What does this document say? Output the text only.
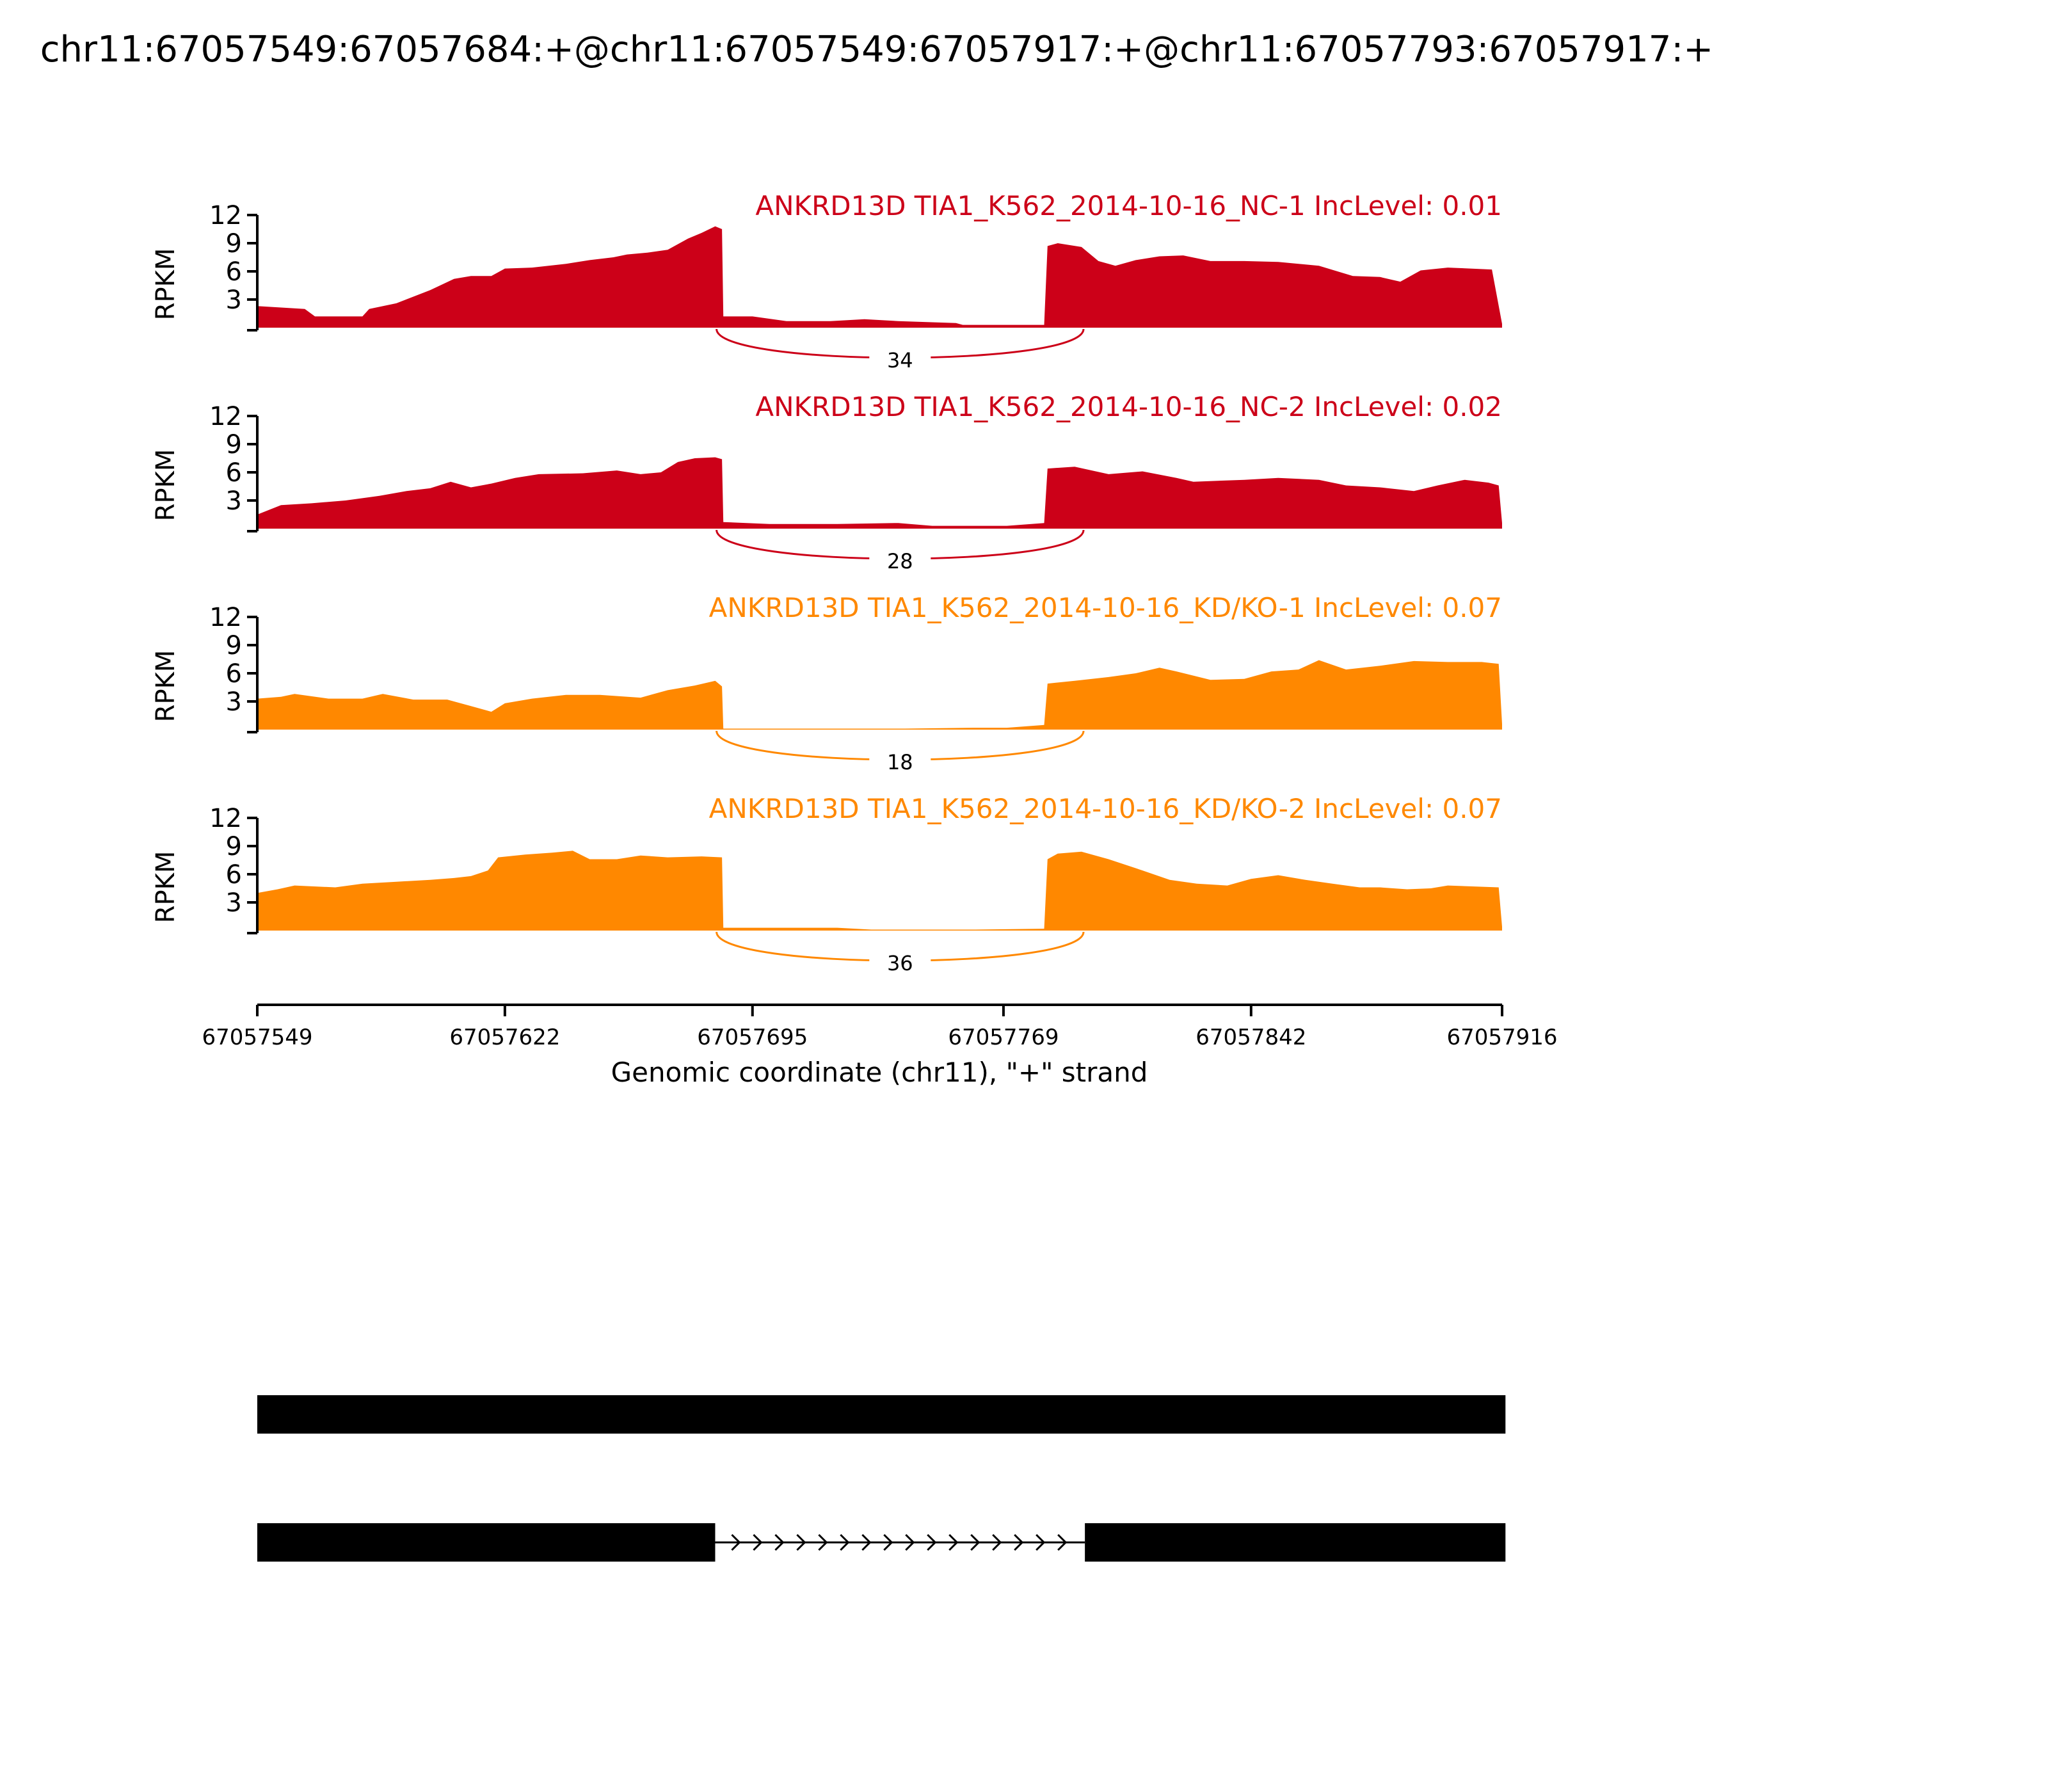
chr11:67057549:67057684:+@chr11:67057549:67057917:+@chr11:67057793:67057917:+
3
6
9
12
RPKM
ANKRD13D TIA1_K562_2014-10-16_NC-1 IncLevel: 0.01
34
3
6
9
12
RPKM
ANKRD13D TIA1_K562_2014-10-16_NC-2 IncLevel: 0.02
28
3
6
9
12
RPKM
ANKRD13D TIA1_K562_2014-10-16_KD/KO-1 IncLevel: 0.07
18
3
6
9
12
RPKM
ANKRD13D TIA1_K562_2014-10-16_KD/KO-2 IncLevel: 0.07
36
67057549	67057622	67057695	67057769	67057842	67057916
Genomic coordinate (chr11), "+" strand
